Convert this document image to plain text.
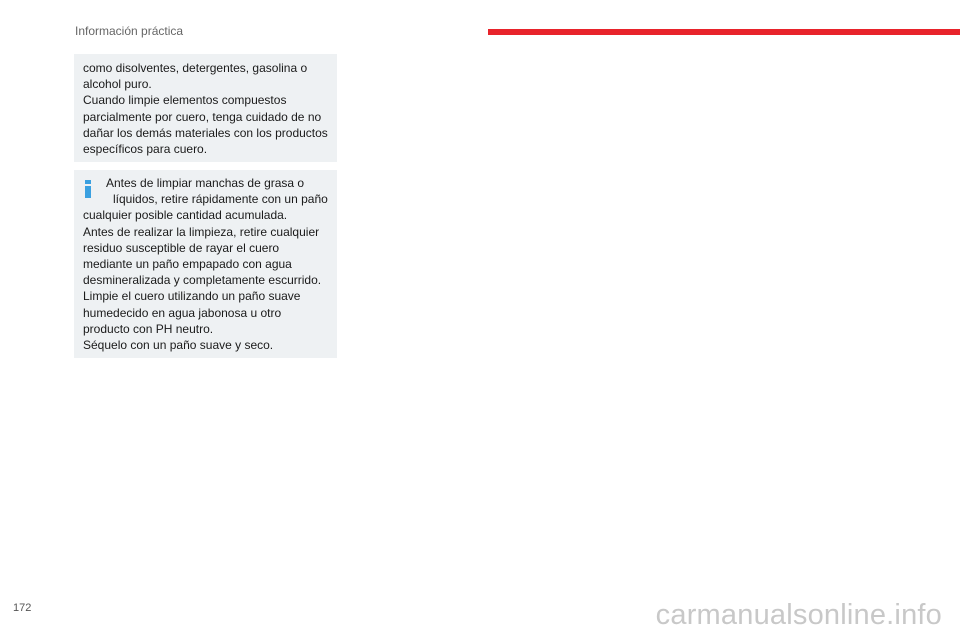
Información práctica

como disolventes, detergentes, gasolina o

alcohol puro.

Cuando limpie elementos compuestos

parcialmente por cuero, tenga cuidado de no

dañar los demás materiales con los productos

específicos para cuero.

Antes de limpiar manchas de grasa o

líquidos, retire rápidamente con un paño

cualquier posible cantidad acumulada.

Antes de realizar la limpieza, retire cualquier

residuo susceptible de rayar el cuero

mediante un paño empapado con agua

desmineralizada y completamente escurrido.

Limpie el cuero utilizando un paño suave

humedecido en agua jabonosa u otro

producto con PH neutro.

Séquelo con un paño suave y seco.

172	carmanualsonline.info
